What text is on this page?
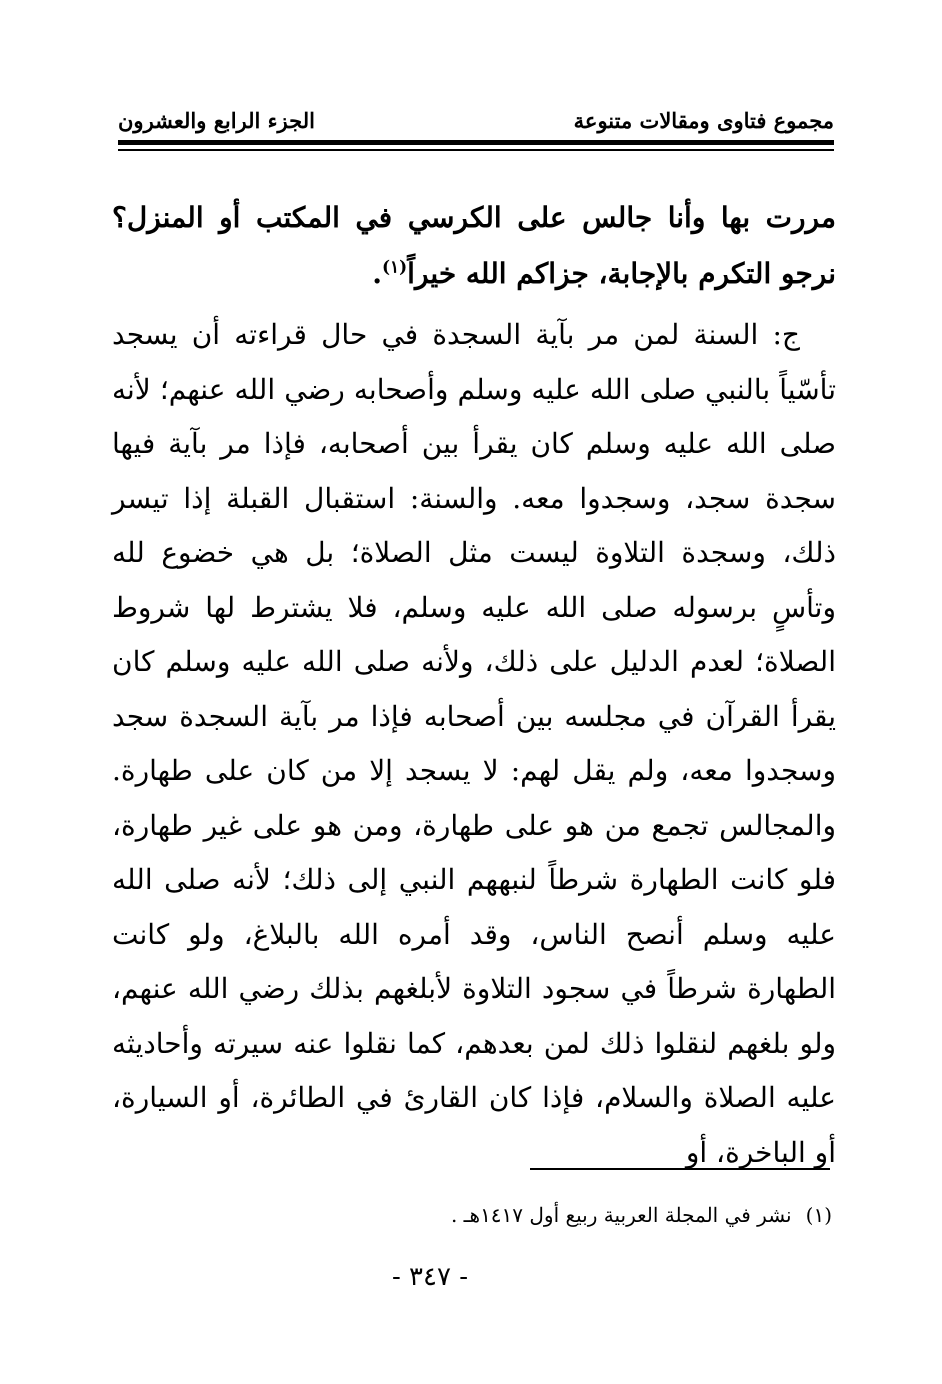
مجموع فتاوى ومقالات متنوعة
الجزء الرابع والعشرون

مررت بها وأنا جالس على الكرسي في المكتب أو المنزل؟ نرجو التكرم بالإجابة، جزاكم الله خيراً$^{(١)}$.

ج: السنة لمن مر بآية السجدة في حال قراءته أن يسجد تأسّياً بالنبي صلى الله عليه وسلم وأصحابه رضي الله عنهم؛ لأنه صلى الله عليه وسلم كان يقرأ بين أصحابه، فإذا مر بآية فيها سجدة سجد، وسجدوا معه. والسنة: استقبال القبلة إذا تيسر ذلك، وسجدة التلاوة ليست مثل الصلاة؛ بل هي خضوع لله وتأسٍ برسوله صلى الله عليه وسلم، فلا يشترط لها شروط الصلاة؛ لعدم الدليل على ذلك، ولأنه صلى الله عليه وسلم كان يقرأ القرآن في مجلسه بين أصحابه فإذا مر بآية السجدة سجد وسجدوا معه، ولم يقل لهم: لا يسجد إلا من كان على طهارة. والمجالس تجمع من هو على طهارة، ومن هو على غير طهارة، فلو كانت الطهارة شرطاً لنبههم النبي إلى ذلك؛ لأنه صلى الله عليه وسلم أنصح الناس، وقد أمره الله بالبلاغ، ولو كانت الطهارة شرطاً في سجود التلاوة لأبلغهم بذلك رضي الله عنهم، ولو بلغهم لنقلوا ذلك لمن بعدهم، كما نقلوا عنه سيرته وأحاديثه عليه الصلاة والسلام، فإذا كان القارئ في الطائرة، أو السيارة، أو الباخرة، أو

(١)نشر في المجلة العربية ربيع أول ١٤١٧هـ .
- ٣٤٧ -
